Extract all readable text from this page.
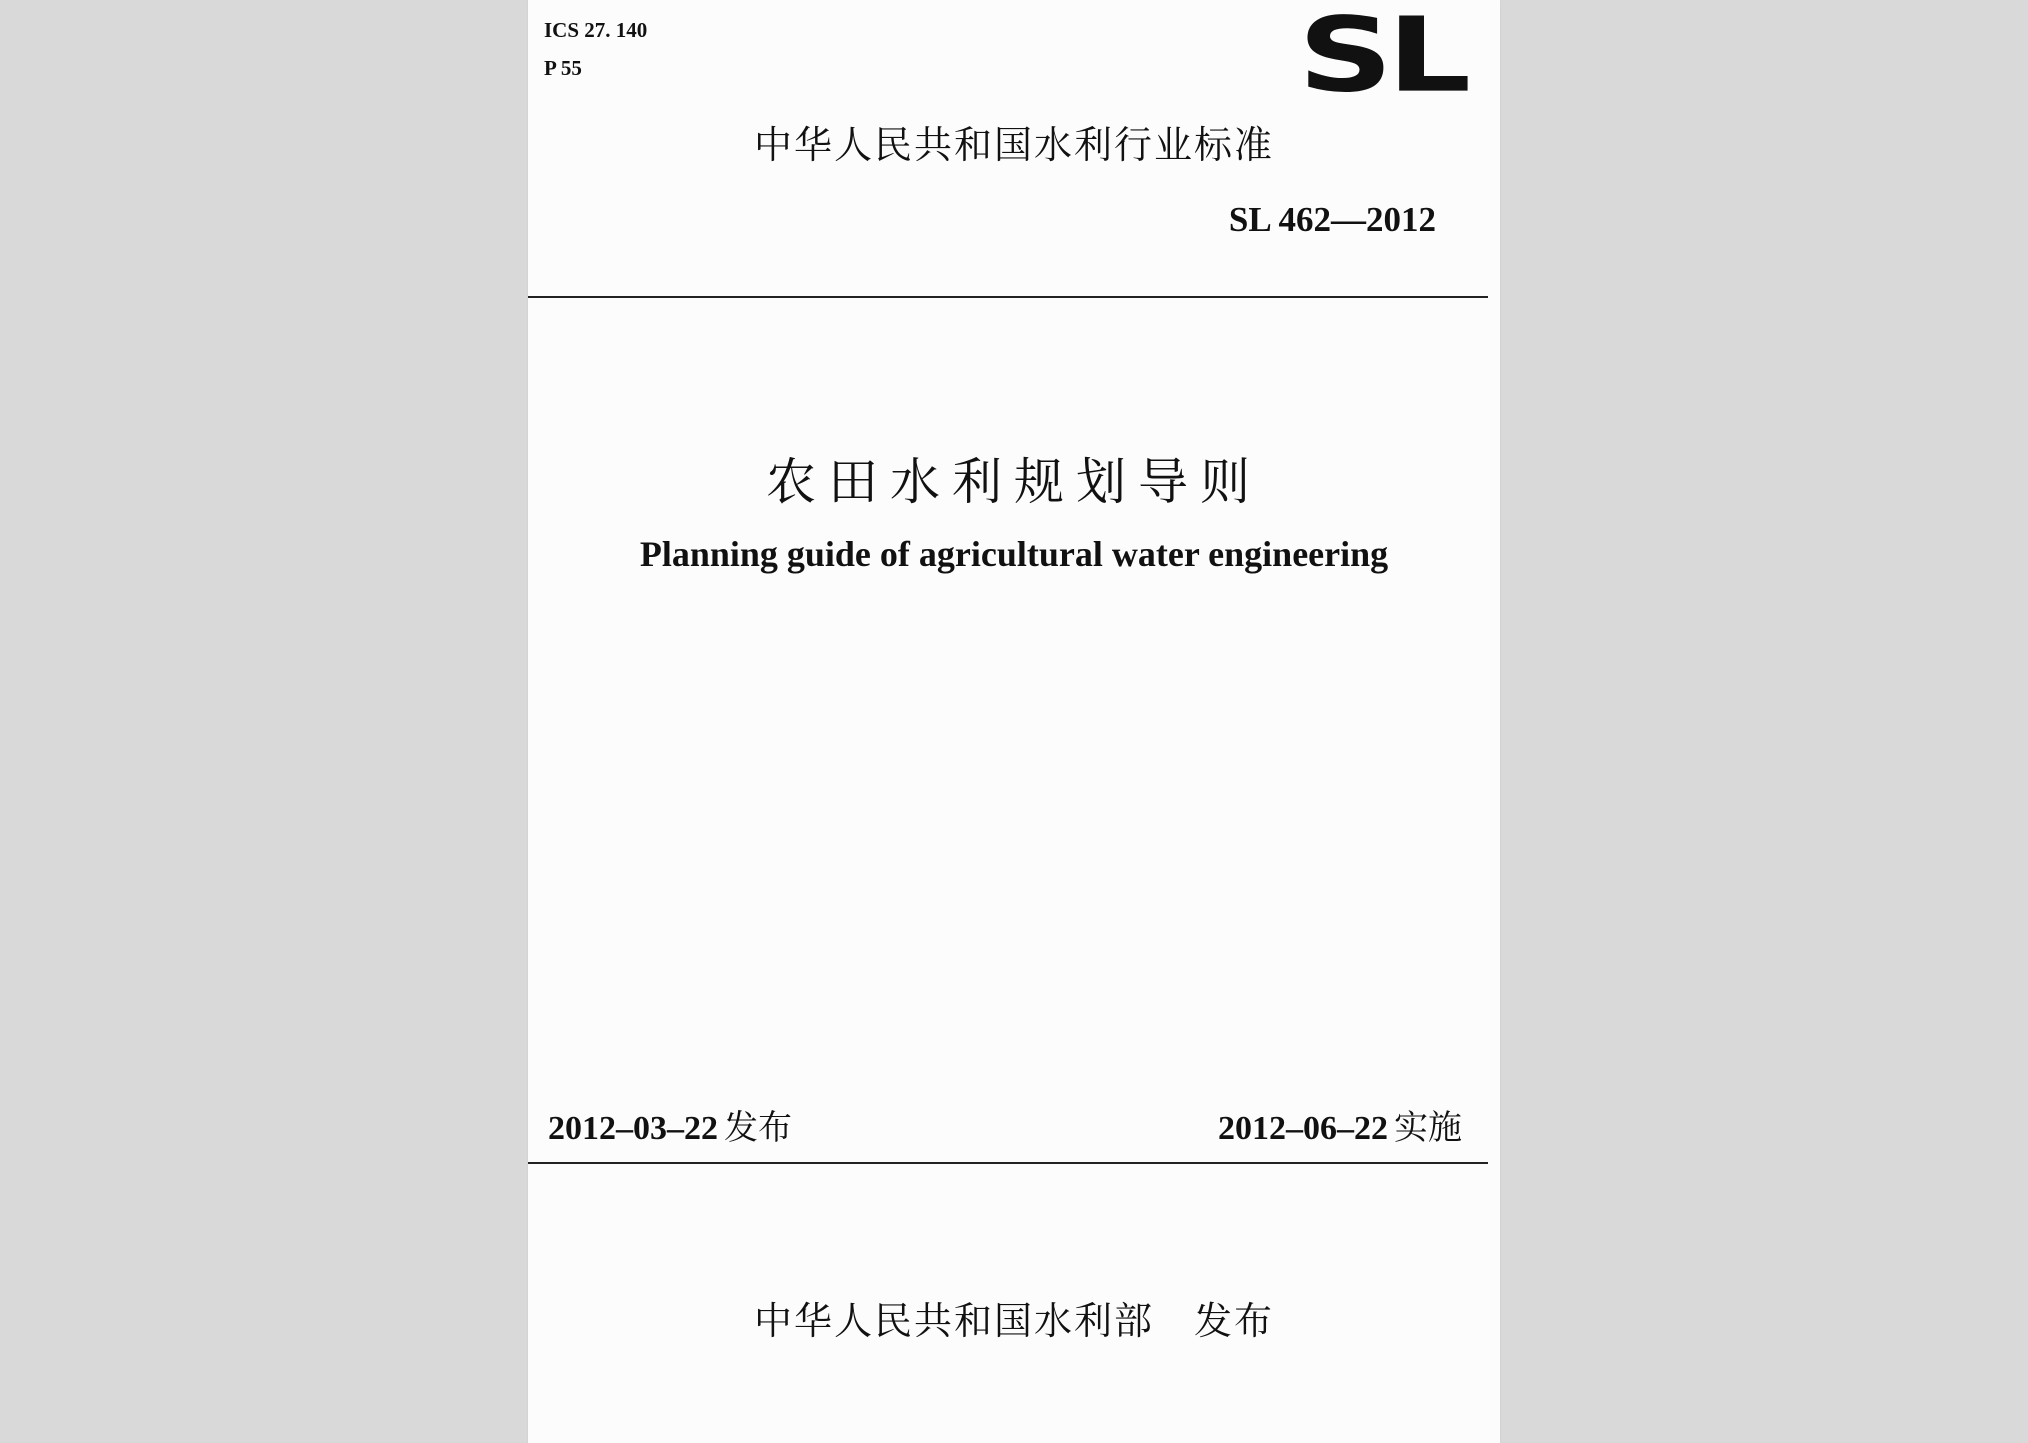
ICS 27. 140
P 55	SL
中华人民共和国水利行业标准
SL 462—2012
农田水利规划导则
Planning guide of agricultural water engineering
2012–03–22 发布	2012–06–22 实施
中华人民共和国水利部 发布
